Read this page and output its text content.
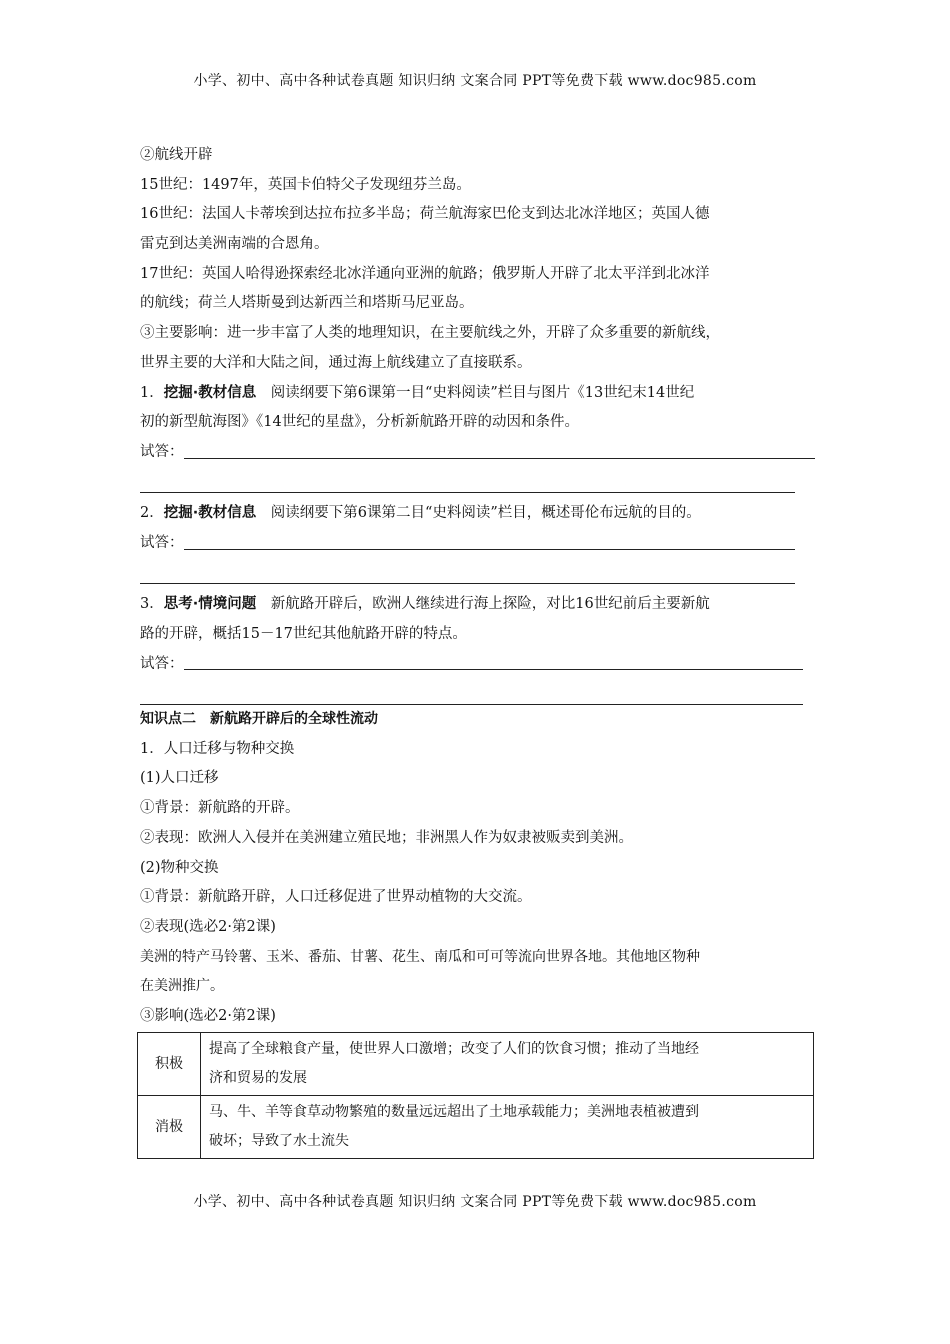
小学、初中、高中各种试卷真题 知识归纳 文案合同 PPT等免费下载 www.doc985.com
②航线开辟
15世纪：1497年，英国卡伯特父子发现纽芬兰岛。
16世纪：法国人卡蒂埃到达拉布拉多半岛；荷兰航海家巴伦支到达北冰洋地区；英国人德
雷克到达美洲南端的合恩角。
17世纪：英国人哈得逊探索经北冰洋通向亚洲的航路；俄罗斯人开辟了北太平洋到北冰洋
的航线；荷兰人塔斯曼到达新西兰和塔斯马尼亚岛。
③主要影响：进一步丰富了人类的地理知识，在主要航线之外，开辟了众多重要的新航线，
世界主要的大洋和大陆之间，通过海上航线建立了直接联系。
1．挖掘·教材信息　 阅读纲要下第6课第一目“史料阅读”栏目与图片《13世纪末14世纪
初的新型航海图》《14世纪的星盘》，分析新航路开辟的动因和条件。
试答：
2．挖掘·教材信息　 阅读纲要下第6课第二目“史料阅读”栏目，概述哥伦布远航的目的。
试答：
3．思考·情境问题　 新航路开辟后，欧洲人继续进行海上探险，对比16世纪前后主要新航
路的开辟，概括15－17世纪其他航路开辟的特点。
试答：
知识点二　新航路开辟后的全球性流动
1．人口迁移与物种交换
(1)人口迁移
①背景：新航路的开辟。
②表现：欧洲人入侵并在美洲建立殖民地；非洲黑人作为奴隶被贩卖到美洲。
(2)物种交换
①背景：新航路开辟，人口迁移促进了世界动植物的大交流。
②表现(选必2·第2课)
美洲的特产马铃薯、玉米、番茄、甘薯、花生、南瓜和可可等流向世界各地。其他地区物种
在美洲推广。
③影响(选必2·第2课)
积极	提高了全球粮食产量，使世界人口激增；改变了人们的饮食习惯；推动了当地经
济和贸易的发展

消极	马、牛、羊等食草动物繁殖的数量远远超出了土地承载能力；美洲地表植被遭到
破坏；导致了水土流失
小学、初中、高中各种试卷真题 知识归纳 文案合同 PPT等免费下载 www.doc985.com
